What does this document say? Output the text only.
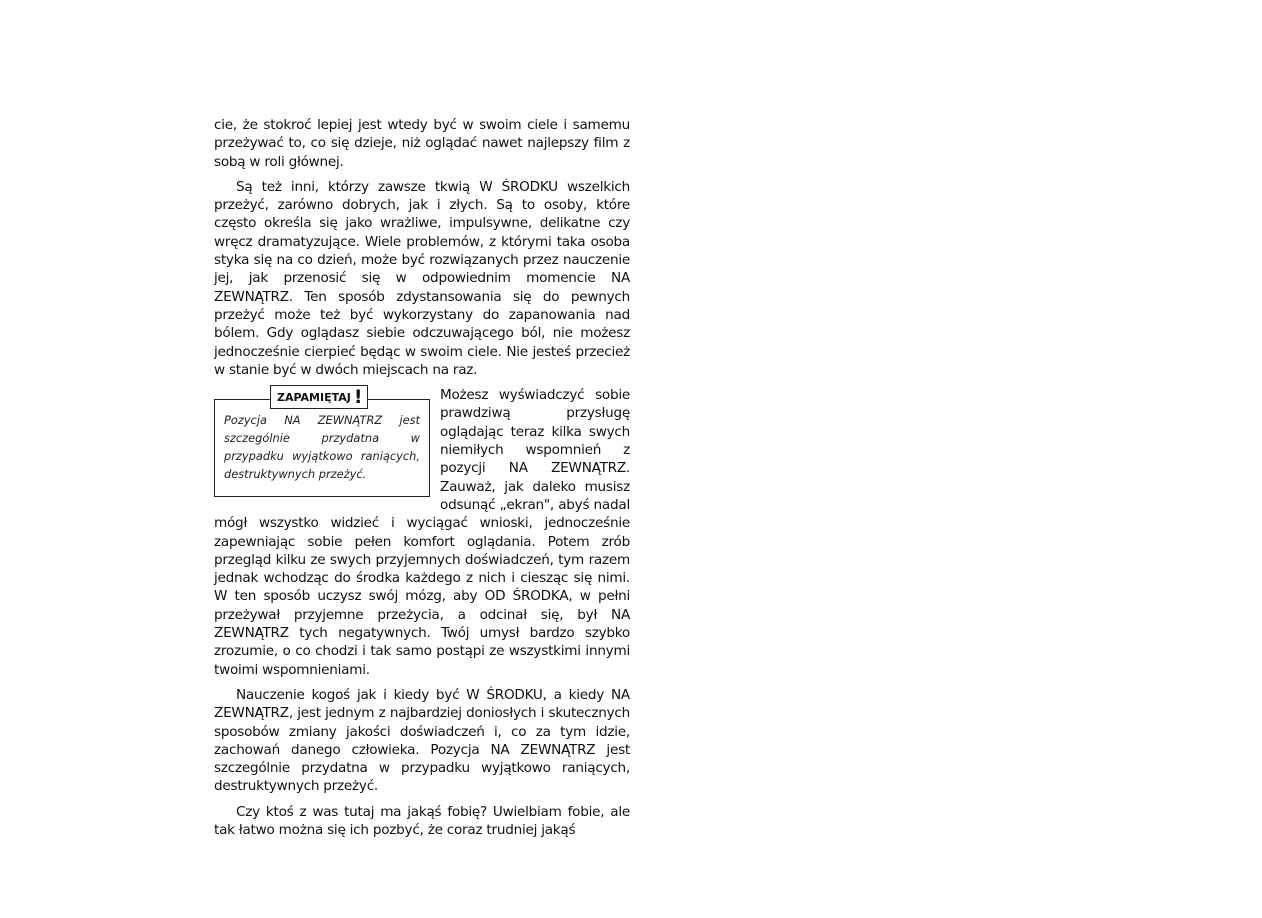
cie, że stokroć lepiej jest wtedy być w swoim ciele i samemu przeżywać to, co się dzieje, niż oglądać nawet najlepszy film z sobą w roli głównej.

Są też inni, którzy zawsze tkwią W ŚRODKU wszelkich przeżyć, zarówno dobrych, jak i złych. Są to osoby, które często określa się jako wrażliwe, impulsywne, delikatne czy wręcz dramatyzujące. Wiele problemów, z którymi taka osoba styka się na co dzień, może być rozwiązanych przez nauczenie jej, jak przenosić się w odpowiednim momencie NA ZEWNĄTRZ. Ten sposób zdystansowania się do pewnych przeżyć może też być wykorzystany do zapanowania nad bólem. Gdy oglądasz siebie odczuwającego ból, nie możesz jednocześnie cierpieć będąc w swoim ciele. Nie jesteś przecież w stanie być w dwóch miejscach na raz.

ZAPAMIĘTAJ !
Pozycja NA ZEWNĄTRZ jest szczególnie przydatna w przypadku wyjątkowo raniących, destruktywnych przeżyć.

Możesz wyświadczyć sobie prawdziwą przysługę oglądając teraz kilka swych niemiłych wspomnień z pozycji NA ZEWNĄTRZ. Zauważ, jak daleko musisz odsunąć „ekran", abyś nadal mógł wszystko widzieć i wyciągać wnioski, jednocześnie zapewniając sobie pełen komfort oglądania. Potem zrób przegląd kilku ze swych przyjemnych doświadczeń, tym razem jednak wchodząc do środka każdego z nich i ciesząc się nimi. W ten sposób uczysz swój mózg, aby OD ŚRODKA, w pełni przeżywał przyjemne przeżycia, a odcinał się, był NA ZEWNĄTRZ tych negatywnych. Twój umysł bardzo szybko zrozumie, o co chodzi i tak samo postąpi ze wszystkimi innymi twoimi wspomnieniami.

Nauczenie kogoś jak i kiedy być W ŚRODKU, a kiedy NA ZEWNĄTRZ, jest jednym z najbardziej doniosłych i skutecznych sposobów zmiany jakości doświadczeń i, co za tym idzie, zachowań danego człowieka. Pozycja NA ZEWNĄTRZ jest szczególnie przydatna w przypadku wyjątkowo raniących, destruktywnych przeżyć.

Czy ktoś z was tutaj ma jakąś fobię? Uwielbiam fobie, ale tak łatwo można się ich pozbyć, że coraz trudniej jakąś
